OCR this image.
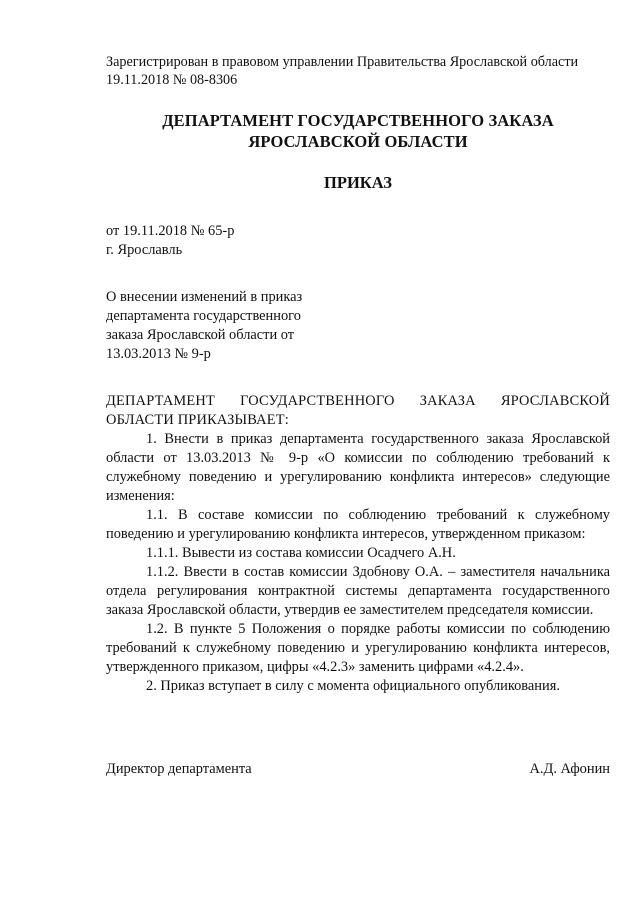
Зарегистрирован в правовом управлении Правительства Ярославской области
19.11.2018 № 08-8306
ДЕПАРТАМЕНТ ГОСУДАРСТВЕННОГО ЗАКАЗА
ЯРОСЛАВСКОЙ ОБЛАСТИ
ПРИКАЗ
от 19.11.2018 № 65-р
г. Ярославль
О внесении изменений в приказ
департамента государственного
заказа Ярославской области от
13.03.2013 № 9-р

ДЕПАРТАМЕНТ ГОСУДАРСТВЕННОГО ЗАКАЗА ЯРОСЛАВСКОЙ ОБЛАСТИ ПРИКАЗЫВАЕТ:

1. Внести в приказ департамента государственного заказа Ярославской области от 13.03.2013 № 9-р «О комиссии по соблюдению требований к служебному поведению и урегулированию конфликта интересов» следующие изменения:

1.1. В составе комиссии по соблюдению требований к служебному поведению и урегулированию конфликта интересов, утвержденном приказом:

1.1.1. Вывести из состава комиссии Осадчего А.Н.

1.1.2. Ввести в состав комиссии Здобнову О.А. – заместителя начальника отдела регулирования контрактной системы департамента государственного заказа Ярославской области, утвердив ее заместителем председателя комиссии.

1.2. В пункте 5 Положения о порядке работы комиссии по соблюдению требований к служебному поведению и урегулированию конфликта интересов, утвержденного приказом, цифры «4.2.3» заменить цифрами «4.2.4».

2. Приказ вступает в силу с момента официального опубликования.

Директор департамента	А.Д. Афонин
